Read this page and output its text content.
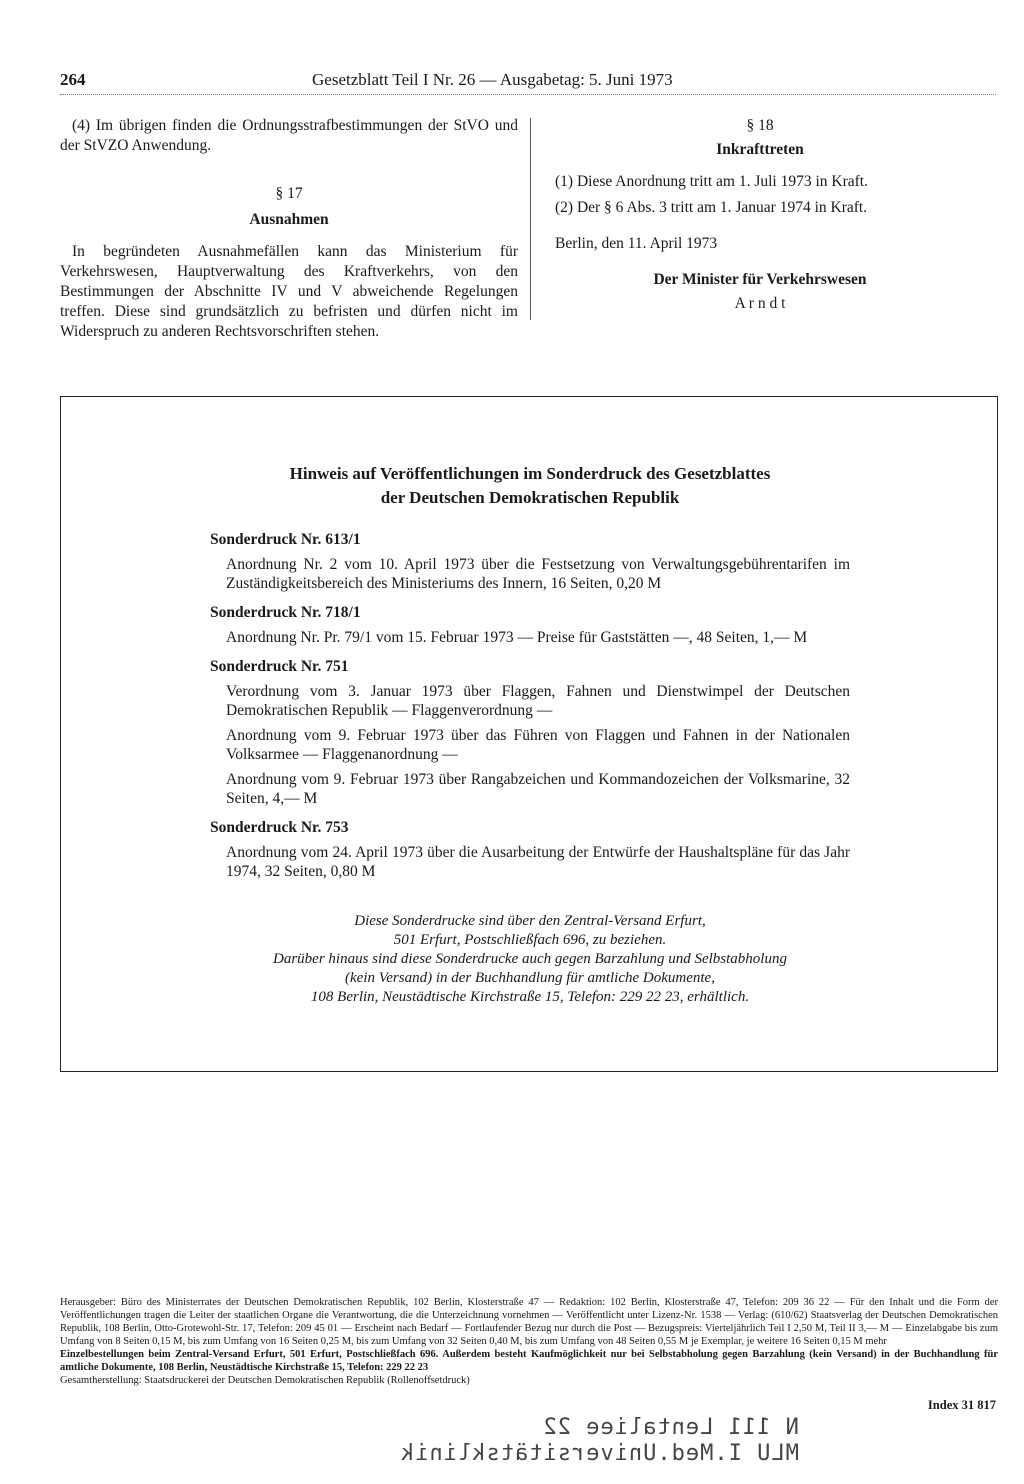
264	Gesetzblatt Teil I Nr. 26 — Ausgabetag: 5. Juni 1973

(4) Im übrigen finden die Ordnungsstrafbestimmungen der StVO und der StVZO Anwendung.

§ 17

Ausnahmen

In begründeten Ausnahmefällen kann das Ministerium für Verkehrswesen, Hauptverwaltung des Kraftverkehrs, von den Bestimmungen der Abschnitte IV und V abweichende Regelungen treffen. Diese sind grundsätzlich zu befristen und dürfen nicht im Widerspruch zu anderen Rechtsvorschriften stehen.

§ 18

Inkrafttreten

(1) Diese Anordnung tritt am 1. Juli 1973 in Kraft.

(2) Der § 6 Abs. 3 tritt am 1. Januar 1974 in Kraft.

Berlin, den 11. April 1973

Der Minister für Verkehrswesen

A r n d t

Hinweis auf Veröffentlichungen im Sonderdruck des Gesetzblattes
der Deutschen Demokratischen Republik

Sonderdruck Nr. 613/1

Anordnung Nr. 2 vom 10. April 1973 über die Festsetzung von Verwaltungsgebührentarifen im Zuständigkeitsbereich des Ministeriums des Innern, 16 Seiten, 0,20 M

Sonderdruck Nr. 718/1

Anordnung Nr. Pr. 79/1 vom 15. Februar 1973 — Preise für Gaststätten —, 48 Seiten, 1,— M

Sonderdruck Nr. 751

Verordnung vom 3. Januar 1973 über Flaggen, Fahnen und Dienstwimpel der Deutschen Demokratischen Republik — Flaggenverordnung —

Anordnung vom 9. Februar 1973 über das Führen von Flaggen und Fahnen in der Nationalen Volksarmee — Flaggenanordnung —

Anordnung vom 9. Februar 1973 über Rangabzeichen und Kommandozeichen der Volksmarine, 32 Seiten, 4,— M

Sonderdruck Nr. 753

Anordnung vom 24. April 1973 über die Ausarbeitung der Entwürfe der Haushaltspläne für das Jahr 1974, 32 Seiten, 0,80 M

Diese Sonderdrucke sind über den Zentral-Versand Erfurt,
501 Erfurt, Postschließfach 696, zu beziehen.
Darüber hinaus sind diese Sonderdrucke auch gegen Barzahlung und Selbstabholung
(kein Versand) in der Buchhandlung für amtliche Dokumente,
108 Berlin, Neustädtische Kirchstraße 15, Telefon: 229 22 23, erhältlich.

Herausgeber: Büro des Ministerrates der Deutschen Demokratischen Republik, 102 Berlin, Klosterstraße 47 — Redaktion: 102 Berlin, Klosterstraße 47, Telefon: 209 36 22 — Für den Inhalt und die Form der Veröffentlichungen tragen die Leiter der staatlichen Organe die Verantwortung, die die Unterzeichnung vornehmen — Veröffentlicht unter Lizenz-Nr. 1538 — Verlag: (610/62) Staatsverlag der Deutschen Demokratischen Republik, 108 Berlin, Otto-Grotewohl-Str. 17, Telefon: 209 45 01 — Erscheint nach Bedarf — Fortlaufender Bezug nur durch die Post — Bezugspreis: Vierteljährlich Teil I 2,50 M, Teil II 3,— M — Einzelabgabe bis zum Umfang von 8 Seiten 0,15 M, bis zum Umfang von 16 Seiten 0,25 M, bis zum Umfang von 32 Seiten 0,40 M, bis zum Umfang von 48 Seiten 0,55 M je Exemplar, je weitere 16 Seiten 0,15 M mehr

Einzelbestellungen beim Zentral-Versand Erfurt, 501 Erfurt, Postschließfach 696. Außerdem besteht Kaufmöglichkeit nur bei Selbstabholung gegen Barzahlung (kein Versand) in der Buchhandlung für amtliche Dokumente, 108 Berlin, Neustädtische Kirchstraße 15, Telefon: 229 22 23

Gesamtherstellung: Staatsdruckerei der Deutschen Demokratischen Republik (Rollenoffsetdruck)

Index 31 817
N 111 Lentaliee 22
MLU I.Med.Universitätsklinik
